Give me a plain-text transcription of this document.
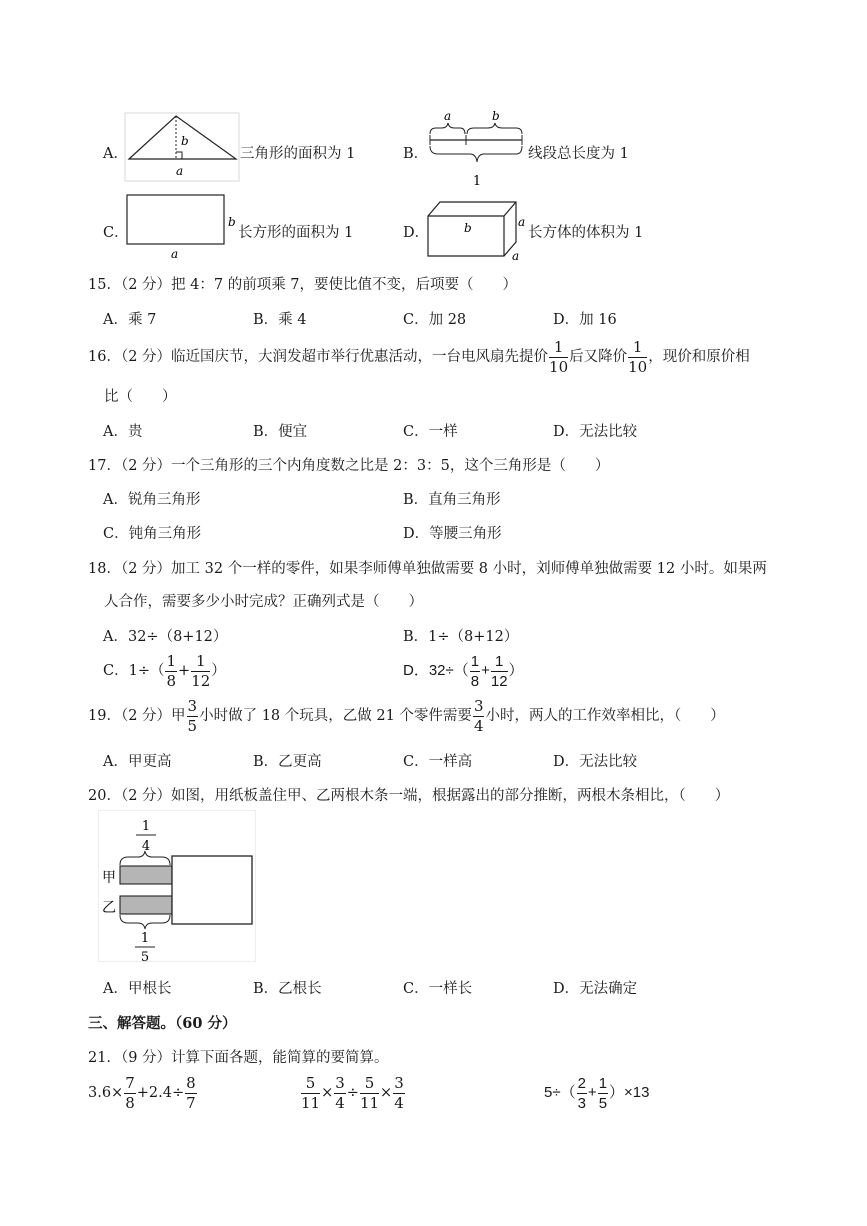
A．
b
a
三角形的面积为 1	B．
a	b
1
线段总长度为 1
C．
b
a
长方形的面积为 1	D．	b	a
a
长方体的体积为 1
15．（2 分）把 4：7 的前项乘 7，要使比值不变，后项要（　　）
A．乘 7	B．乘 4	C．加 28	D．加 16
16．（2 分）临近国庆节，大润发超市举行优惠活动，一台电风扇先提价 $\frac{1}{10}$ 后又降价 $\frac{1}{10}$ ，现价和原价相
比（　　）
A．贵	B．便宜	C．一样	D．无法比较
17．（2 分）一个三角形的三个内角度数之比是 2：3：5，这个三角形是（　　）
A．锐角三角形	B．直角三角形
C．钝角三角形	D．等腰三角形
18．（2 分）加工 32 个一样的零件，如果李师傅单独做需要 8 小时，刘师傅单独做需要 12 小时。如果两
人合作，需要多少小时完成？正确列式是（　　）
A．32÷（8+12）	B．1÷（8+12）
C．$1\div( \frac{1}{8} + \frac{1}{12}$ ）	D．$32\div( \frac{1}{8} + \frac{1}{12}$ ）
19．（2 分）甲 $\frac{3}{5}$ 小时做了 18 个玩具，乙做 21 个零件需要 $\frac{3}{4}$ 小时，两人的工作效率相比，（　　）
A．甲更高	B．乙更高	C．一样高	D．无法比较
20．（2 分）如图，用纸板盖住甲、乙两根木条一端，根据露出的部分推断，两根木条相比，（　　）
1
4
甲
乙
1
5
A．甲根长	B．乙根长	C．一样长	D．无法确定
三、解答题。（60 分）
21．（9 分）计算下面各题，能简算的要简算。
$3.6\times \frac{7}{8} +2.4\div \frac{8}{7}$	$\frac{5}{11} \times \frac{3}{4} \div \frac{5}{11} \times \frac{3}{4}$	$5\div( \frac{2}{3} + \frac{1}{5} )\times 13$
